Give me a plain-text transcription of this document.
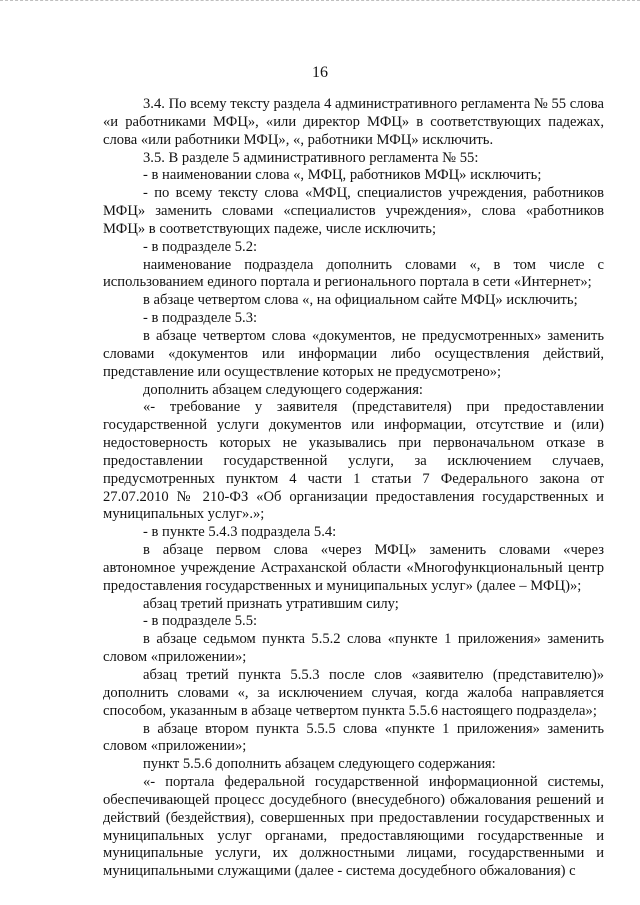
16

3.4. По всему тексту раздела 4 административного регламента № 55 слова «и работниками МФЦ», «или директор МФЦ» в соответствующих падежах, слова «или работники МФЦ», «, работники МФЦ» исключить.

3.5. В разделе 5 административного регламента № 55:

- в наименовании слова «, МФЦ, работников МФЦ» исключить;

- по всему тексту слова «МФЦ, специалистов учреждения, работников МФЦ» заменить словами «специалистов учреждения», слова «работников МФЦ» в соответствующих падеже, числе исключить;

- в подразделе 5.2:

наименование подраздела дополнить словами «, в том числе с использованием единого портала и регионального портала в сети «Интернет»;

в абзаце четвертом слова «, на официальном сайте МФЦ» исключить;

- в подразделе 5.3:

в абзаце четвертом слова «документов, не предусмотренных» заменить словами «документов или информации либо осуществления действий, представление или осуществление которых не предусмотрено»;

дополнить абзацем следующего содержания:

«- требование у заявителя (представителя) при предоставлении государственной услуги документов или информации, отсутствие и (или) недостоверность которых не указывались при первоначальном отказе в предоставлении государственной услуги, за исключением случаев, предусмотренных пунктом 4 части 1 статьи 7 Федерального закона от 27.07.2010 № 210-ФЗ «Об организации предоставления государственных и муниципальных услуг».»;

- в пункте 5.4.3 подраздела 5.4:

в абзаце первом слова «через МФЦ» заменить словами «через автономное учреждение Астраханской области «Многофункциональный центр предоставления государственных и муниципальных услуг» (далее – МФЦ)»;

абзац третий признать утратившим силу;

- в подразделе 5.5:

в абзаце седьмом пункта 5.5.2 слова «пункте 1 приложения» заменить словом «приложении»;

абзац третий пункта 5.5.3 после слов «заявителю (представителю)» дополнить словами «, за исключением случая, когда жалоба направляется способом, указанным в абзаце четвертом пункта 5.5.6 настоящего подраздела»;

в абзаце втором пункта 5.5.5 слова «пункте 1 приложения» заменить словом «приложении»;

пункт 5.5.6 дополнить абзацем следующего содержания:

«- портала федеральной государственной информационной системы, обеспечивающей процесс досудебного (внесудебного) обжалования решений и действий (бездействия), совершенных при предоставлении государственных и муниципальных услуг органами, предоставляющими государственные и муниципальные услуги, их должностными лицами, государственными и муниципальными служащими (далее - система досудебного обжалования) с
